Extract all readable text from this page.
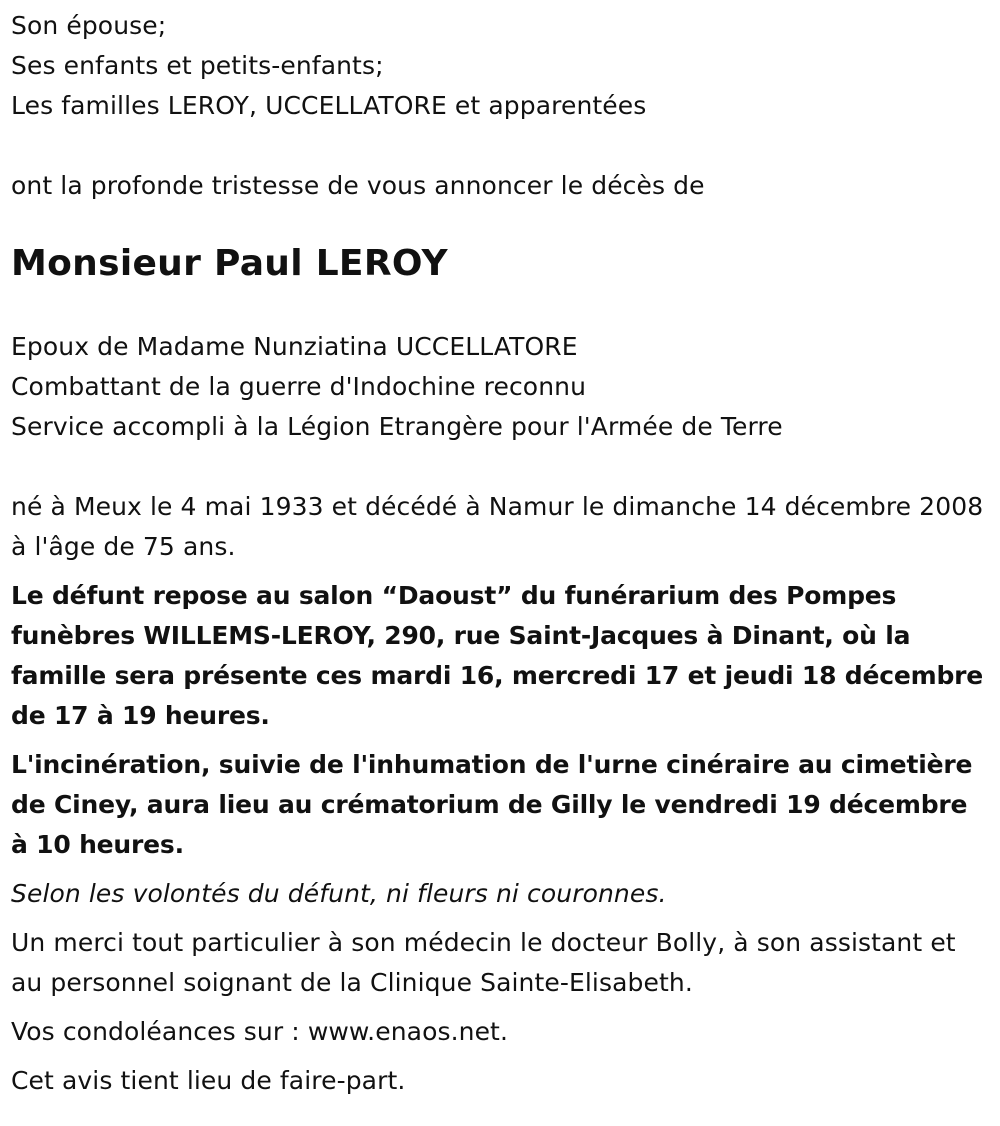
Son épouse;
Ses enfants et petits-enfants;
Les familles LEROY, UCCELLATORE et apparentées
ont la profonde tristesse de vous annoncer le décès de
Monsieur Paul LEROY
Epoux de Madame Nunziatina UCCELLATORE
Combattant de la guerre d'Indochine reconnu
Service accompli à la Légion Etrangère pour l'Armée de Terre

né à Meux le 4 mai 1933 et décédé à Namur le dimanche 14 décembre 2008 à l'âge de 75 ans.

Le défunt repose au salon “Daoust” du funérarium des Pompes funèbres WILLEMS-LEROY, 290, rue Saint-Jacques à Dinant, où la famille sera présente ces mardi 16, mercredi 17 et jeudi 18 décembre de 17 à 19 heures.

L'incinération, suivie de l'inhumation de l'urne cinéraire au cimetière de Ciney, aura lieu au crématorium de Gilly le vendredi 19 décembre à 10 heures.

Selon les volontés du défunt, ni fleurs ni couronnes.

Un merci tout particulier à son médecin le docteur Bolly, à son assistant et au personnel soignant de la Clinique Sainte-Elisabeth.

Vos condoléances sur : www.enaos.net.

Cet avis tient lieu de faire-part.
